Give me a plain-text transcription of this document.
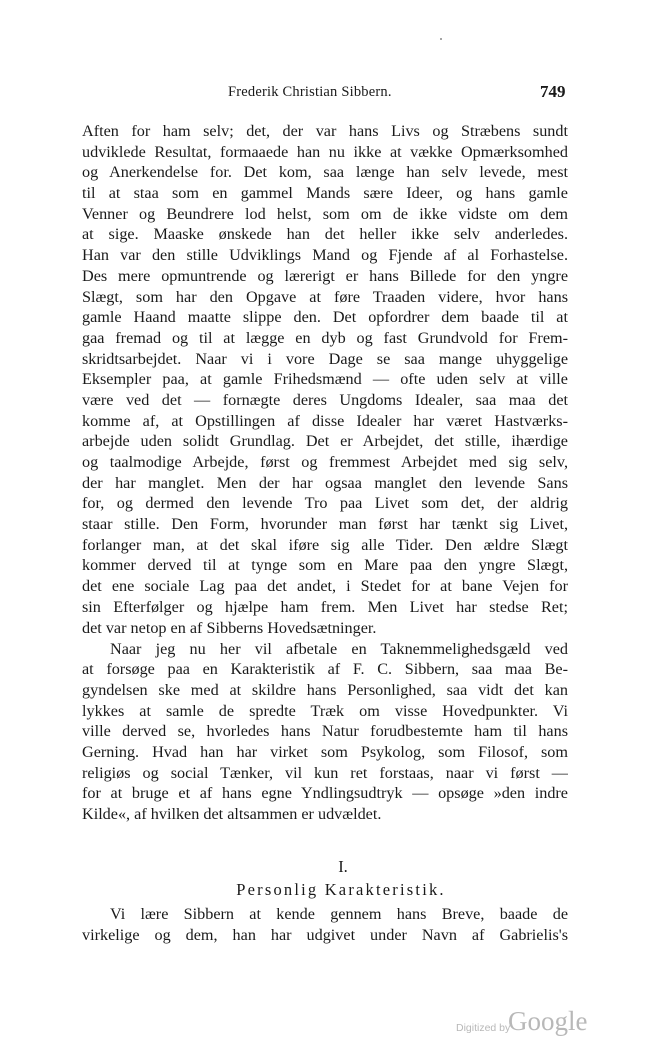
Frederik Christian Sibbern.	749
Aften for ham selv; det, der var hans Livs og Stræbens sundt
udviklede Resultat, formaaede han nu ikke at vække Opmærksomhed
og Anerkendelse for. Det kom, saa længe han selv levede, mest
til at staa som en gammel Mands sære Ideer, og hans gamle
Venner og Beundrere lod helst, som om de ikke vidste om dem
at sige. Maaske ønskede han det heller ikke selv anderledes.
Han var den stille Udviklings Mand og Fjende af al Forhastelse.
Des mere opmuntrende og lærerigt er hans Billede for den yngre
Slægt, som har den Opgave at føre Traaden videre, hvor hans
gamle Haand maatte slippe den. Det opfordrer dem baade til at
gaa fremad og til at lægge en dyb og fast Grundvold for Frem-
skridtsarbejdet. Naar vi i vore Dage se saa mange uhyggelige
Eksempler paa, at gamle Frihedsmænd — ofte uden selv at ville
være ved det — fornægte deres Ungdoms Idealer, saa maa det
komme af, at Opstillingen af disse Idealer har været Hastværks-
arbejde uden solidt Grundlag. Det er Arbejdet, det stille, ihærdige
og taalmodige Arbejde, først og fremmest Arbejdet med sig selv,
der har manglet. Men der har ogsaa manglet den levende Sans
for, og dermed den levende Tro paa Livet som det, der aldrig
staar stille. Den Form, hvorunder man først har tænkt sig Livet,
forlanger man, at det skal iføre sig alle Tider. Den ældre Slægt
kommer derved til at tynge som en Mare paa den yngre Slægt,
det ene sociale Lag paa det andet, i Stedet for at bane Vejen for
sin Efterfølger og hjælpe ham frem. Men Livet har stedse Ret;
det var netop en af Sibberns Hovedsætninger.
Naar jeg nu her vil afbetale en Taknemmelighedsgæld ved
at forsøge paa en Karakteristik af F. C. Sibbern, saa maa Be-
gyndelsen ske med at skildre hans Personlighed, saa vidt det kan
lykkes at samle de spredte Træk om visse Hovedpunkter. Vi
ville derved se, hvorledes hans Natur forudbestemte ham til hans
Gerning. Hvad han har virket som Psykolog, som Filosof, som
religiøs og social Tænker, vil kun ret forstaas, naar vi først —
for at bruge et af hans egne Yndlingsudtryk — opsøge »den indre
Kilde«, af hvilken det altsammen er udvældet.
I.
Personlig Karakteristik.
Vi lære Sibbern at kende gennem hans Breve, baade de
virkelige og dem, han har udgivet under Navn af Gabrielis's
Digitized by
Google
